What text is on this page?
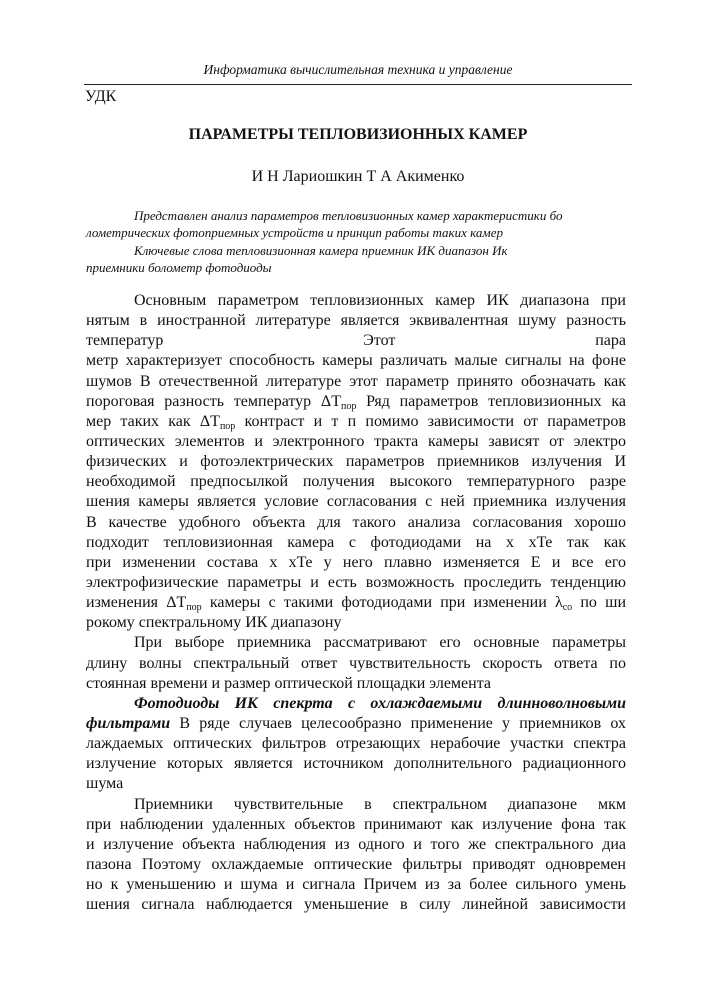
Информатика вычислительная техника и управление
УДК
ПАРАМЕТРЫ ТЕПЛОВИЗИОННЫХ КАМЕР
И Н Лариошкин Т А Акименко
Представлен анализ параметров тепловизионных камер характеристики бо
лометрических фотоприемных устройств и принцип работы таких камер
Ключевые слова тепловизионная камера приемник ИК диапазон Ик
приемники болометр фотодиоды
Основным параметром тепловизионных камер ИК диапазона при
нятым в иностранной литературе является эквивалентная шуму разность
температур	Этот пара
метр характеризует способность камеры различать малые сигналы на фоне
шумов В отечественной литературе этот параметр принято обозначать как
пороговая разность температур $\Delta T_{пор}$ Ряд параметров тепловизионных ка
мер таких как $\Delta T_{пор}$ контраст и т п помимо зависимости от параметров
оптических элементов и электронного тракта камеры зависят от электро
физических и фотоэлектрических параметров приемников излучения И
необходимой предпосылкой получения высокого температурного разре
шения камеры является условие согласования с ней приемника излучения
В качестве удобного объекта для такого анализа согласования хорошо
подходит тепловизионная камера с фотодиодами на x xTe так как
при изменении состава x xTe у него плавно изменяется E и все его
электрофизические параметры и есть возможность проследить тенденцию
изменения $\Delta T_{пор}$ камеры с такими фотодиодами при изменении $\lambda_{со}$ по ши
рокому спектральному ИК диапазону
При выборе приемника рассматривают его основные параметры
длину волны спектральный ответ чувствительность скорость ответа по
стоянная времени и размер оптической площадки элемента
Фотодиоды ИК спекрта с охлаждаемыми длинноволновыми
фильтрами В ряде случаев целесообразно применение у приемников ох
лаждаемых оптических фильтров отрезающих нерабочие участки спектра
излучение которых является источником дополнительного радиационного
шума
Приемники чувствительные в спектральном диапазоне мкм
при наблюдении удаленных объектов принимают как излучение фона так
и излучение объекта наблюдения из одного и того же спектрального диа
пазона Поэтому охлаждаемые оптические фильтры приводят одновремен
но к уменьшению и шума и сигнала Причем из за более сильного умень
шения сигнала наблюдается уменьшение в силу линейной зависимости
